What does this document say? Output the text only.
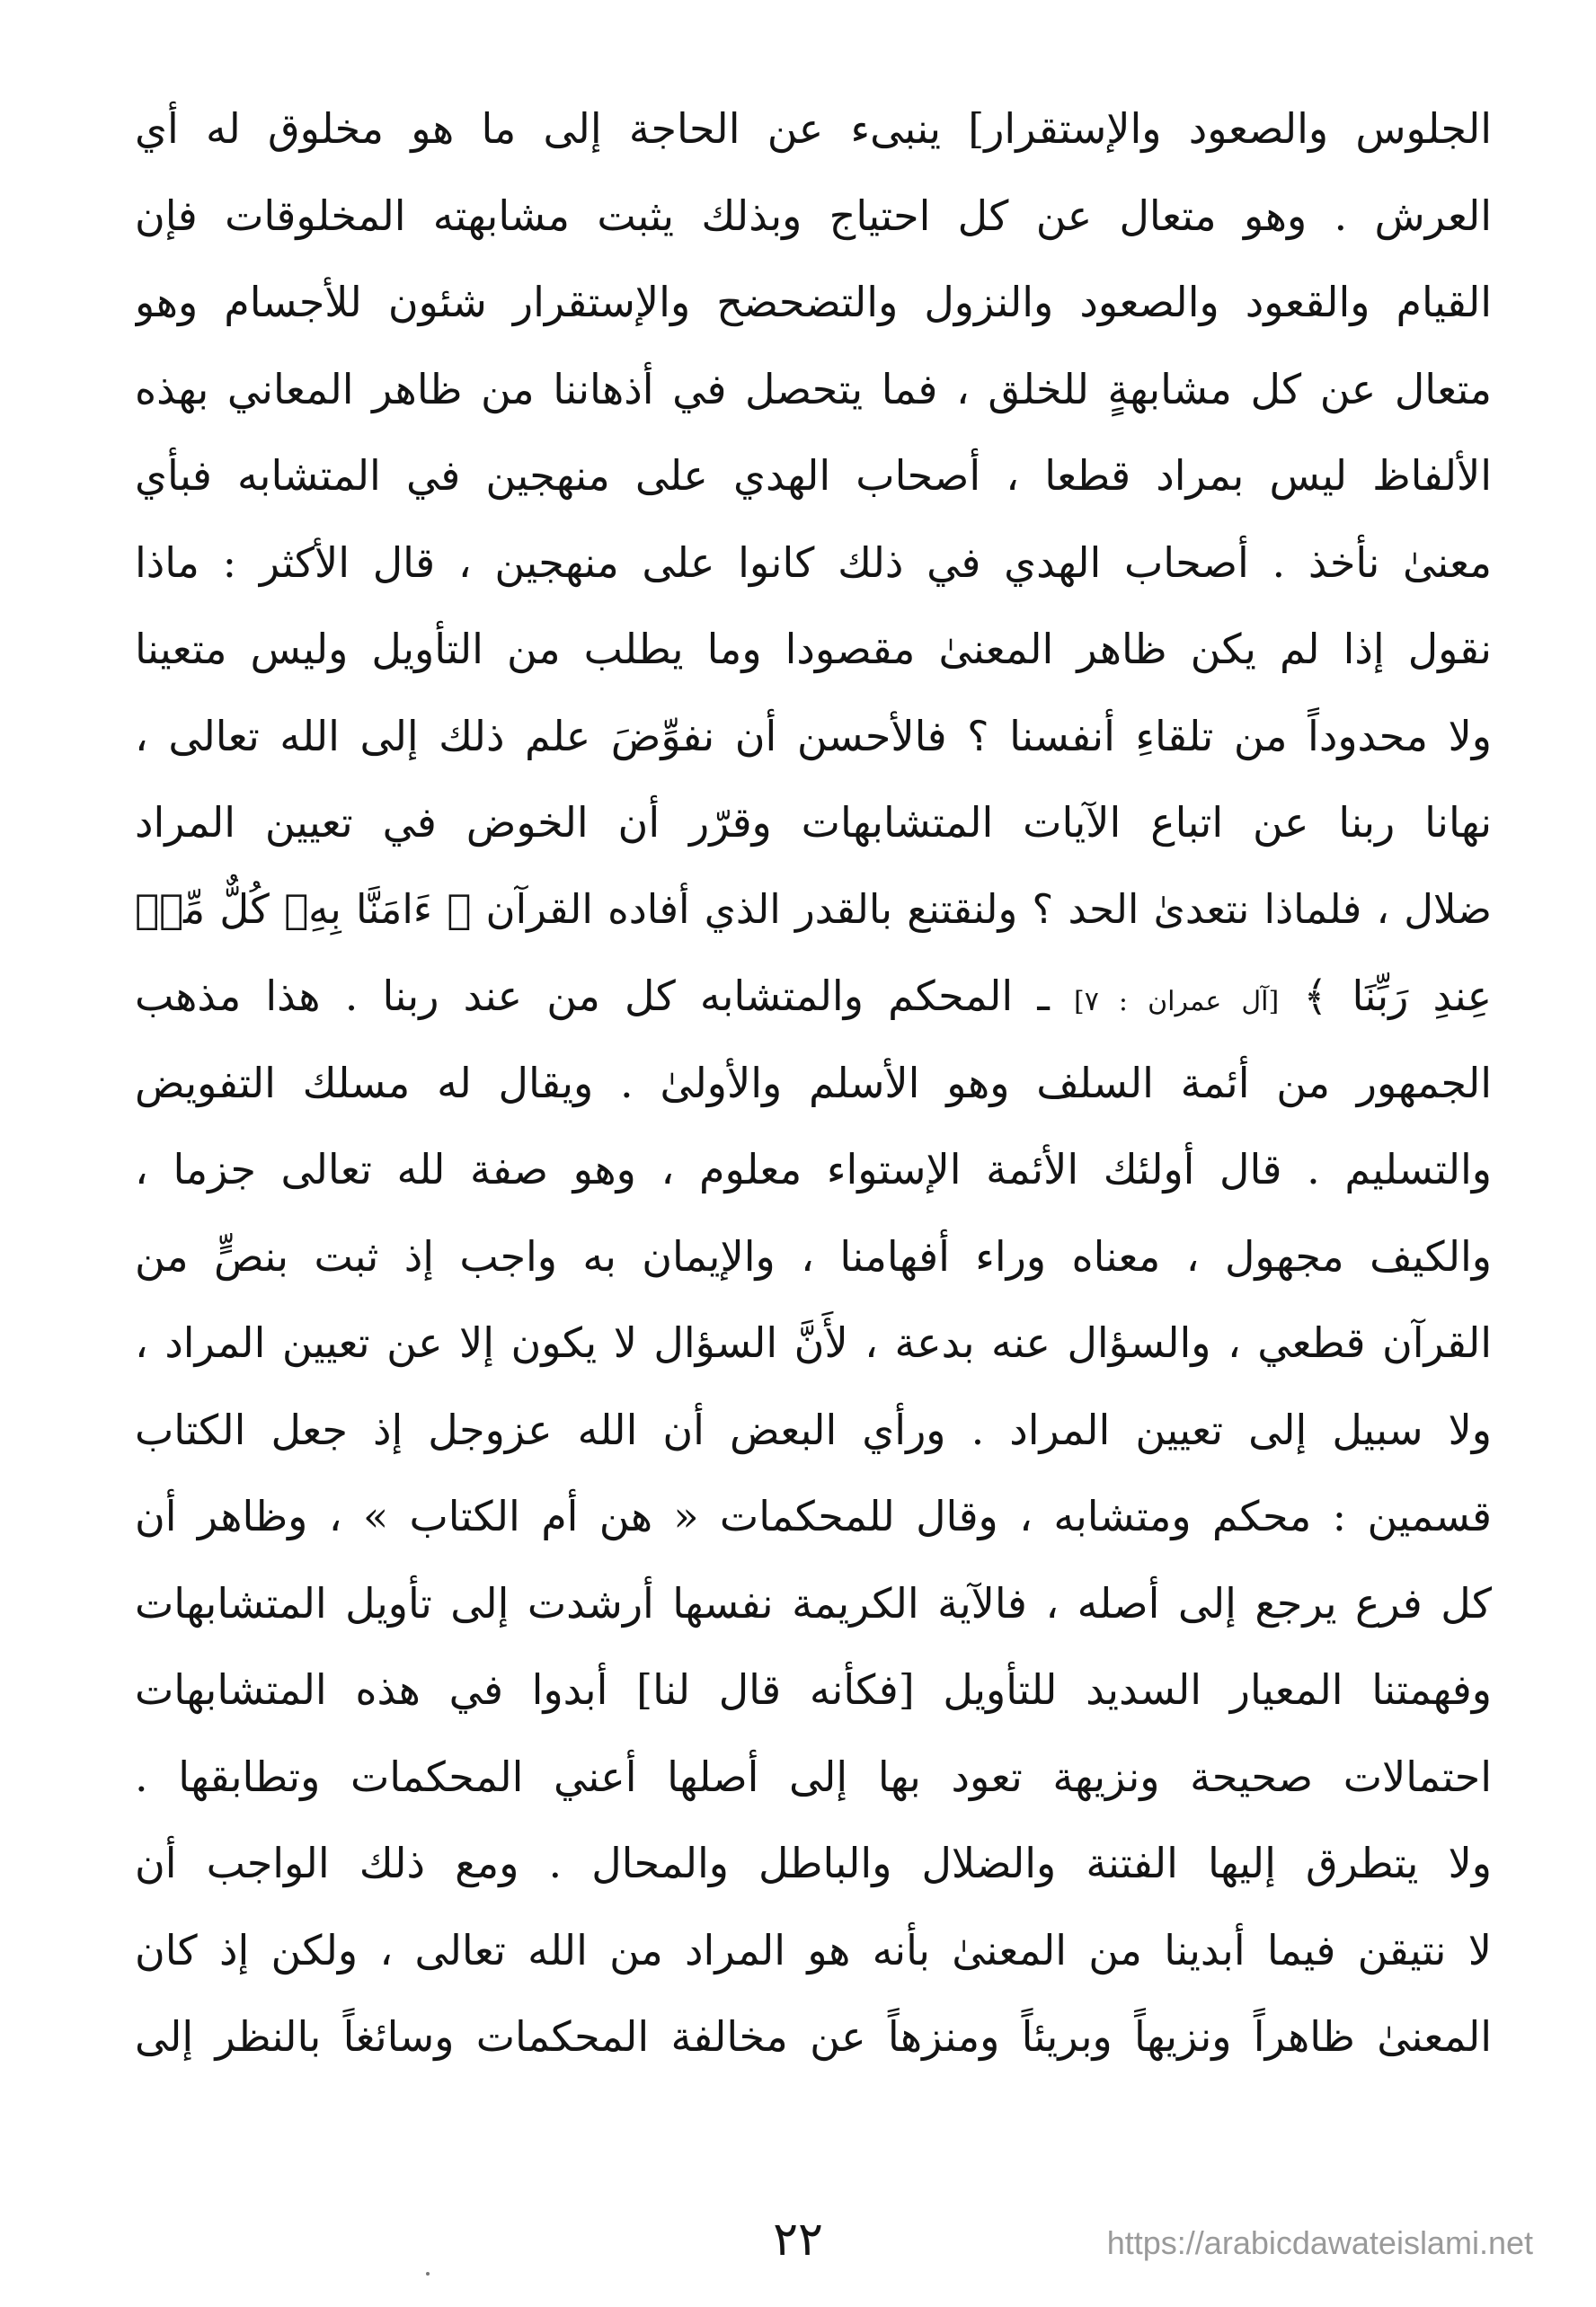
الجلوس والصعود والإستقرار] ينبىء عن الحاجة إلى ما هو مخلوق له أي
العرش . وهو متعال عن كل احتياج وبذلك يثبت مشابهته المخلوقات فإن
القيام والقعود والصعود والنزول والتضحضح والإستقرار شئون للأجسام وهو
متعال عن كل مشابهةٍ للخلق ، فما يتحصل في أذهاننا من ظاهر المعاني بهذه
الألفاظ ليس بمراد قطعا ، أصحاب الهدي على منهجين في المتشابه فبأي
معنىٰ نأخذ . أصحاب الهدي في ذلك كانوا على منهجين ، قال الأكثر : ماذا
نقول إذا لم يكن ظاهر المعنىٰ مقصودا وما يطلب من التأويل وليس متعينا
ولا محدوداً من تلقاءِ أنفسنا ؟ فالأحسن أن نفوِّضَ علم ذلك إلى الله تعالى ،
نهانا ربنا عن اتباع الآيات المتشابهات وقرّر أن الخوض في تعيين المراد
ضلال ، فلماذا نتعدىٰ الحد ؟ ولنقتنع بالقدر الذي أفاده القرآن ﴿ ءَامَنَّا بِهِۦ كُلٌّ مِّنۡ
عِندِ رَبِّنَا ﴾ [آل عمران : ٧] ـ المحكم والمتشابه كل من عند ربنا . هذا مذهب
الجمهور من أئمة السلف وهو الأسلم والأولىٰ . ويقال له مسلك التفويض
والتسليم . قال أولئك الأئمة الإستواء معلوم ، وهو صفة لله تعالى جزما ،
والكيف مجهول ، معناه وراء أفهامنا ، والإيمان به واجب إذ ثبت بنصٍّ من
القرآن قطعي ، والسؤال عنه بدعة ، لأَنَّ السؤال لا يكون إلا عن تعيين المراد ،
ولا سبيل إلى تعيين المراد . ورأي البعض أن الله عزوجل إذ جعل الكتاب
قسمين : محكم ومتشابه ، وقال للمحكمات « هن أم الكتاب » ، وظاهر أن
كل فرع يرجع إلى أصله ، فالآية الكريمة نفسها أرشدت إلى تأويل المتشابهات
وفهمتنا المعيار السديد للتأويل [فكأنه قال لنا] أبدوا في هذه المتشابهات
احتمالات صحيحة ونزيهة تعود بها إلى أصلها أعني المحكمات وتطابقها .
ولا يتطرق إليها الفتنة والضلال والباطل والمحال . ومع ذلك الواجب أن
لا نتيقن فيما أبدينا من المعنىٰ بأنه هو المراد من الله تعالى ، ولكن إذ كان
المعنىٰ ظاهراً ونزيهاً وبريئاً ومنزهاً عن مخالفة المحكمات وسائغاً بالنظر إلى
٢٢	https://arabicdawateislami.net
